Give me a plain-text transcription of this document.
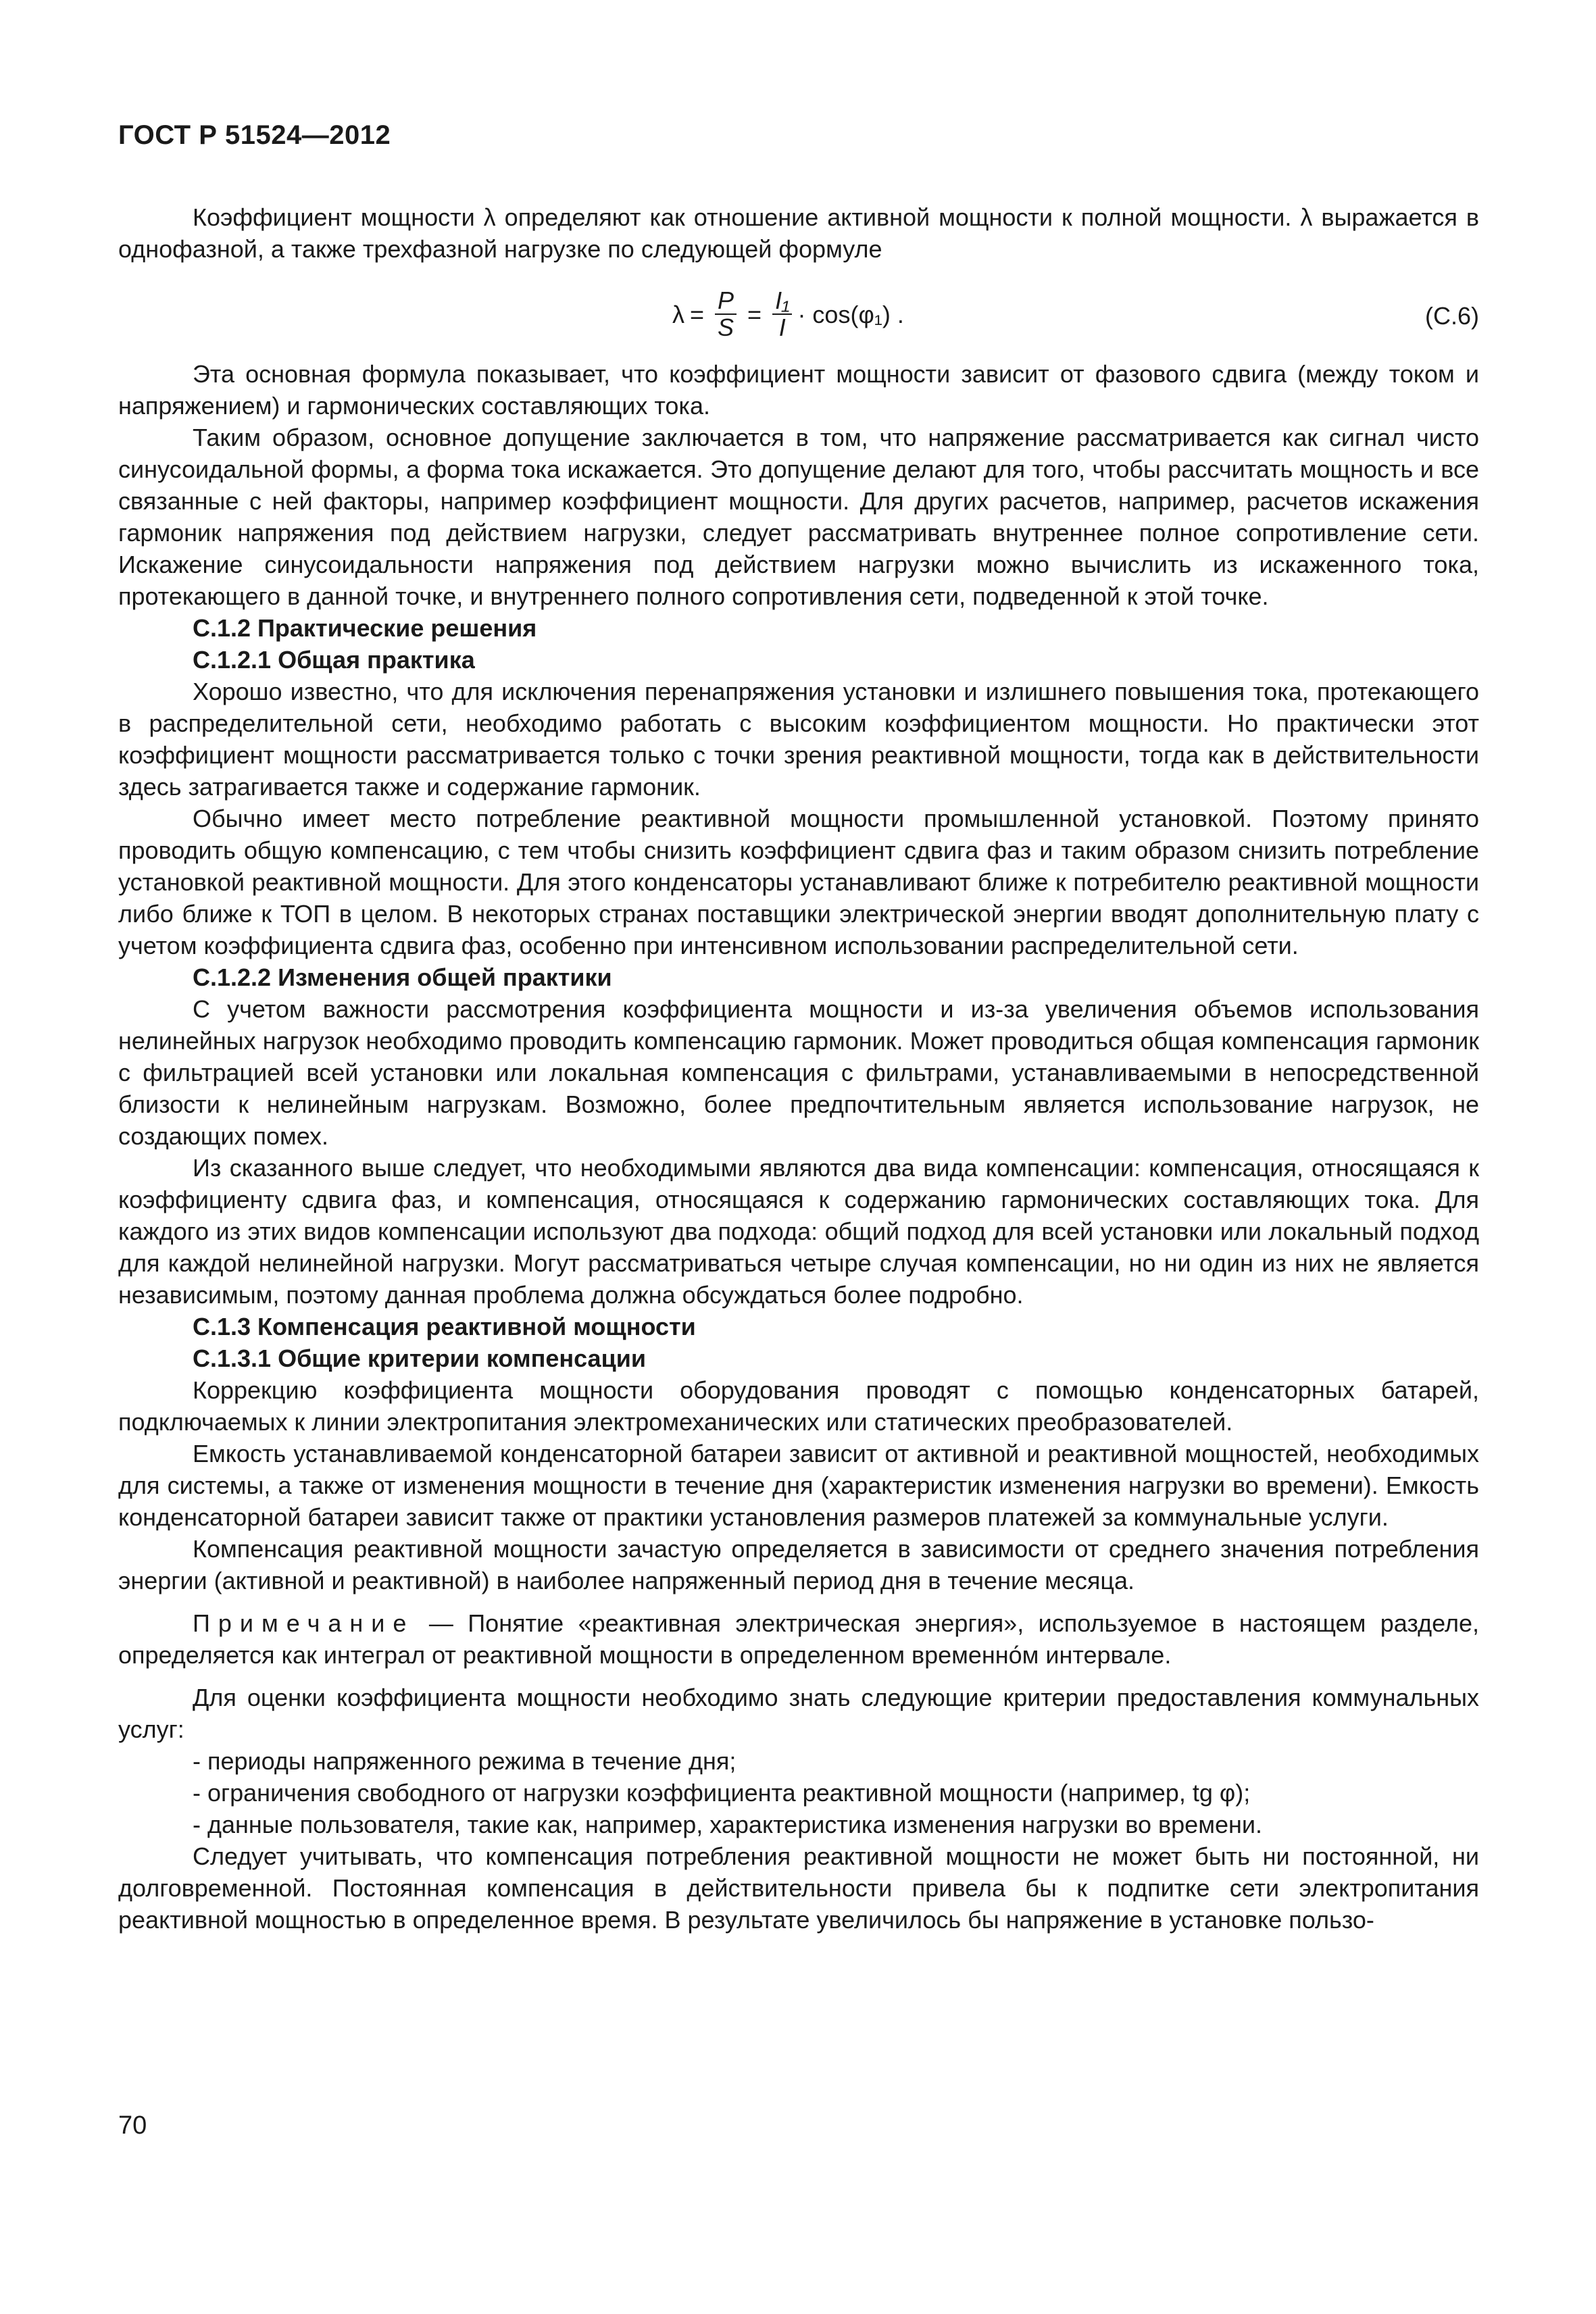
ГОСТ Р 51524—2012

Коэффициент мощности λ определяют как отношение активной мощности к полной мощности. λ выражается в однофазной, а также трехфазной нагрузке по следующей формуле

$\lambda = \frac{P}{S} = \frac{\text{I₁}}{I} \cdot \cos(\varphi_1)$ .	(С.6)

Эта основная формула показывает, что коэффициент мощности зависит от фазового сдвига (между током и напряжением) и гармонических составляющих тока.

Таким образом, основное допущение заключается в том, что напряжение рассматривается как сигнал чисто синусоидальной формы, а форма тока искажается. Это допущение делают для того, чтобы рассчитать мощность и все связанные с ней факторы, например коэффициент мощности. Для других расчетов, например, расчетов искажения гармоник напряжения под действием нагрузки, следует рассматривать внутреннее полное сопротивление сети. Искажение синусоидальности напряжения под действием нагрузки можно вычислить из искаженного тока, протекающего в данной точке, и внутреннего полного сопротивления сети, подведенной к этой точке.

С.1.2 Практические решения

С.1.2.1 Общая практика

Хорошо известно, что для исключения перенапряжения установки и излишнего повышения тока, протекающего в распределительной сети, необходимо работать с высоким коэффициентом мощности. Но практически этот коэффициент мощности рассматривается только с точки зрения реактивной мощности, тогда как в действительности здесь затрагивается также и содержание гармоник.

Обычно имеет место потребление реактивной мощности промышленной установкой. Поэтому принято проводить общую компенсацию, с тем чтобы снизить коэффициент сдвига фаз и таким образом снизить потребление установкой реактивной мощности. Для этого конденсаторы устанавливают ближе к потребителю реактивной мощности либо ближе к ТОП в целом. В некоторых странах поставщики электрической энергии вводят дополнительную плату с учетом коэффициента сдвига фаз, особенно при интенсивном использовании распределительной сети.

С.1.2.2 Изменения общей практики

С учетом важности рассмотрения коэффициента мощности и из-за увеличения объемов использования нелинейных нагрузок необходимо проводить компенсацию гармоник. Может проводиться общая компенсация гармоник с фильтрацией всей установки или локальная компенсация с фильтрами, устанавливаемыми в непосредственной близости к нелинейным нагрузкам. Возможно, более предпочтительным является использование нагрузок, не создающих помех.

Из сказанного выше следует, что необходимыми являются два вида компенсации: компенсация, относящаяся к коэффициенту сдвига фаз, и компенсация, относящаяся к содержанию гармонических составляющих тока. Для каждого из этих видов компенсации используют два подхода: общий подход для всей установки или локальный подход для каждой нелинейной нагрузки. Могут рассматриваться четыре случая компенсации, но ни один из них не является независимым, поэтому данная проблема должна обсуждаться более подробно.

С.1.3 Компенсация реактивной мощности

С.1.3.1 Общие критерии компенсации

Коррекцию коэффициента мощности оборудования проводят с помощью конденсаторных батарей, подключаемых к линии электропитания электромеханических или статических преобразователей.

Емкость устанавливаемой конденсаторной батареи зависит от активной и реактивной мощностей, необходимых для системы, а также от изменения мощности в течение дня (характеристик изменения нагрузки во времени). Емкость конденсаторной батареи зависит также от практики установления размеров платежей за коммунальные услуги.

Компенсация реактивной мощности зачастую определяется в зависимости от среднего значения потребления энергии (активной и реактивной) в наиболее напряженный период дня в течение месяца.

Примечание — Понятие «реактивная электрическая энергия», используемое в настоящем разделе, определяется как интеграл от реактивной мощности в определенном временно́м интервале.

Для оценки коэффициента мощности необходимо знать следующие критерии предоставления коммунальных услуг:

- периоды напряженного режима в течение дня;

- ограничения свободного от нагрузки коэффициента реактивной мощности (например, tg φ);

- данные пользователя, такие как, например, характеристика изменения нагрузки во времени.

Следует учитывать, что компенсация потребления реактивной мощности не может быть ни постоянной, ни долговременной. Постоянная компенсация в действительности привела бы к подпитке сети электропитания реактивной мощностью в определенное время. В результате увеличилось бы напряжение в установке пользо-

70
